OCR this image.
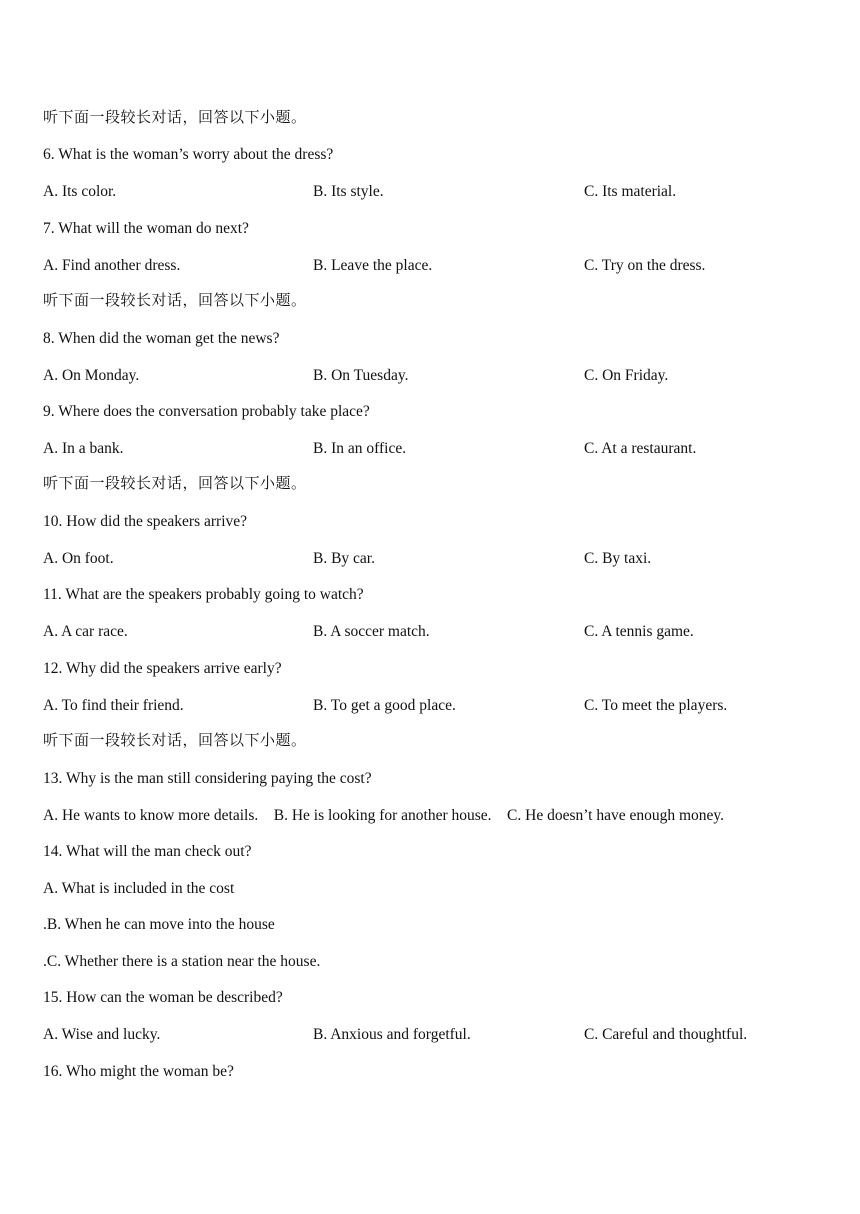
听下面一段较长对话，回答以下小题。
6. What is the woman’s worry about the dress?
A. Its color.	B. Its style.	C. Its material.
7. What will the woman do next?
A. Find another dress.	B. Leave the place.	C. Try on the dress.
听下面一段较长对话，回答以下小题。
8. When did the woman get the news?
A. On Monday.	B. On Tuesday.	C. On Friday.
9. Where does the conversation probably take place?
A. In a bank.	B. In an office.	C. At a restaurant.
听下面一段较长对话，回答以下小题。
10. How did the speakers arrive?
A. On foot.	B. By car.	C. By taxi.
11. What are the speakers probably going to watch?
A. A car race.	B. A soccer match.	C. A tennis game.
12. Why did the speakers arrive early?
A. To find their friend.	B. To get a good place.	C. To meet the players.
听下面一段较长对话，回答以下小题。
13. Why is the man still considering paying the cost?
A. He wants to know more details.    B. He is looking for another house.    C. He doesn’t have enough money.
14. What will the man check out?
A. What is included in the cost
.B. When he can move into the house
.C. Whether there is a station near the house.
15. How can the woman be described?
A. Wise and lucky.	B. Anxious and forgetful.	C. Careful and thoughtful.
16. Who might the woman be?
